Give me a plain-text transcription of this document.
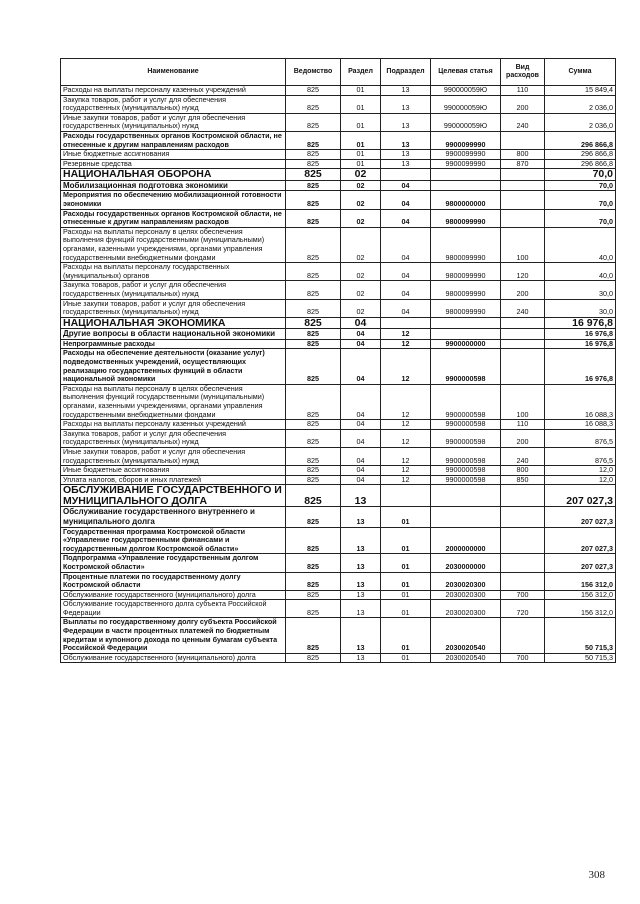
Наименование	Ведомство	Раздел	Подраздел	Целевая статья	Вид расходов	Сумма
Расходы на выплаты персоналу казенных учреждений	825	01	13	990000059Ю	110	15 849,4
Закупка товаров, работ и услуг для обеспечения государственных (муниципальных) нужд	825	01	13	990000059Ю	200	2 036,0
Иные закупки товаров, работ и услуг для обеспечения государственных (муниципальных) нужд	825	01	13	990000059Ю	240	2 036,0
Расходы государственных органов Костромской области, не отнесенные к другим направлениям расходов	825	01	13	9900099990		296 866,8
Иные бюджетные ассигнования	825	01	13	9900099990	800	296 866,8
Резервные средства	825	01	13	9900099990	870	296 866,8
НАЦИОНАЛЬНАЯ ОБОРОНА	825	02				70,0
Мобилизационная подготовка экономики	825	02	04			70,0
Мероприятия по обеспечению мобилизационной готовности экономики	825	02	04	9800000000		70,0
Расходы государственных органов Костромской области, не отнесенные к другим направлениям расходов	825	02	04	9800099990		70,0
Расходы на выплаты персоналу в целях обеспечения выполнения функций государственными (муниципальными) органами, казенными учреждениями, органами управления государственными внебюджетными фондами	825	02	04	9800099990	100	40,0
Расходы на выплаты персоналу государственных (муниципальных) органов	825	02	04	9800099990	120	40,0
Закупка товаров, работ и услуг для обеспечения государственных (муниципальных) нужд	825	02	04	9800099990	200	30,0
Иные закупки товаров, работ и услуг для обеспечения государственных (муниципальных) нужд	825	02	04	9800099990	240	30,0
НАЦИОНАЛЬНАЯ ЭКОНОМИКА	825	04				16 976,8
Другие вопросы в области национальной экономики	825	04	12			16 976,8
Непрограммные расходы	825	04	12	9900000000		16 976,8
Расходы на обеспечение деятельности (оказание услуг) подведомственных учреждений, осуществляющих реализацию государственных функций в области национальной экономики	825	04	12	9900000598		16 976,8
Расходы на выплаты персоналу в целях обеспечения выполнения функций государственными (муниципальными) органами, казенными учреждениями, органами управления государственными внебюджетными фондами	825	04	12	9900000598	100	16 088,3
Расходы на выплаты персоналу казенных учреждений	825	04	12	9900000598	110	16 088,3
Закупка товаров, работ и услуг для обеспечения государственных (муниципальных) нужд	825	04	12	9900000598	200	876,5
Иные закупки товаров, работ и услуг для обеспечения государственных (муниципальных) нужд	825	04	12	9900000598	240	876,5
Иные бюджетные ассигнования	825	04	12	9900000598	800	12,0
Уплата налогов, сборов и иных платежей	825	04	12	9900000598	850	12,0
ОБСЛУЖИВАНИЕ ГОСУДАРСТВЕННОГО И МУНИЦИПАЛЬНОГО ДОЛГА	825	13				207 027,3
Обслуживание государственного внутреннего и муниципального долга	825	13	01			207 027,3
Государственная программа Костромской области «Управление государственными финансами и государственным долгом Костромской области»	825	13	01	2000000000		207 027,3
Подпрограмма «Управление государственным долгом Костромской области»	825	13	01	2030000000		207 027,3
Процентные платежи по государственному долгу Костромской области	825	13	01	2030020300		156 312,0
Обслуживание государственного (муниципального) долга	825	13	01	2030020300	700	156 312,0
Обслуживание государственного долга субъекта Российской Федерации	825	13	01	2030020300	720	156 312,0
Выплаты по государственному долгу субъекта Российской Федерации в части процентных платежей по бюджетным кредитам и купонного дохода по ценным бумагам субъекта Российской Федерации	825	13	01	2030020540		50 715,3
Обслуживание государственного (муниципального) долга	825	13	01	2030020540	700	50 715,3
308
